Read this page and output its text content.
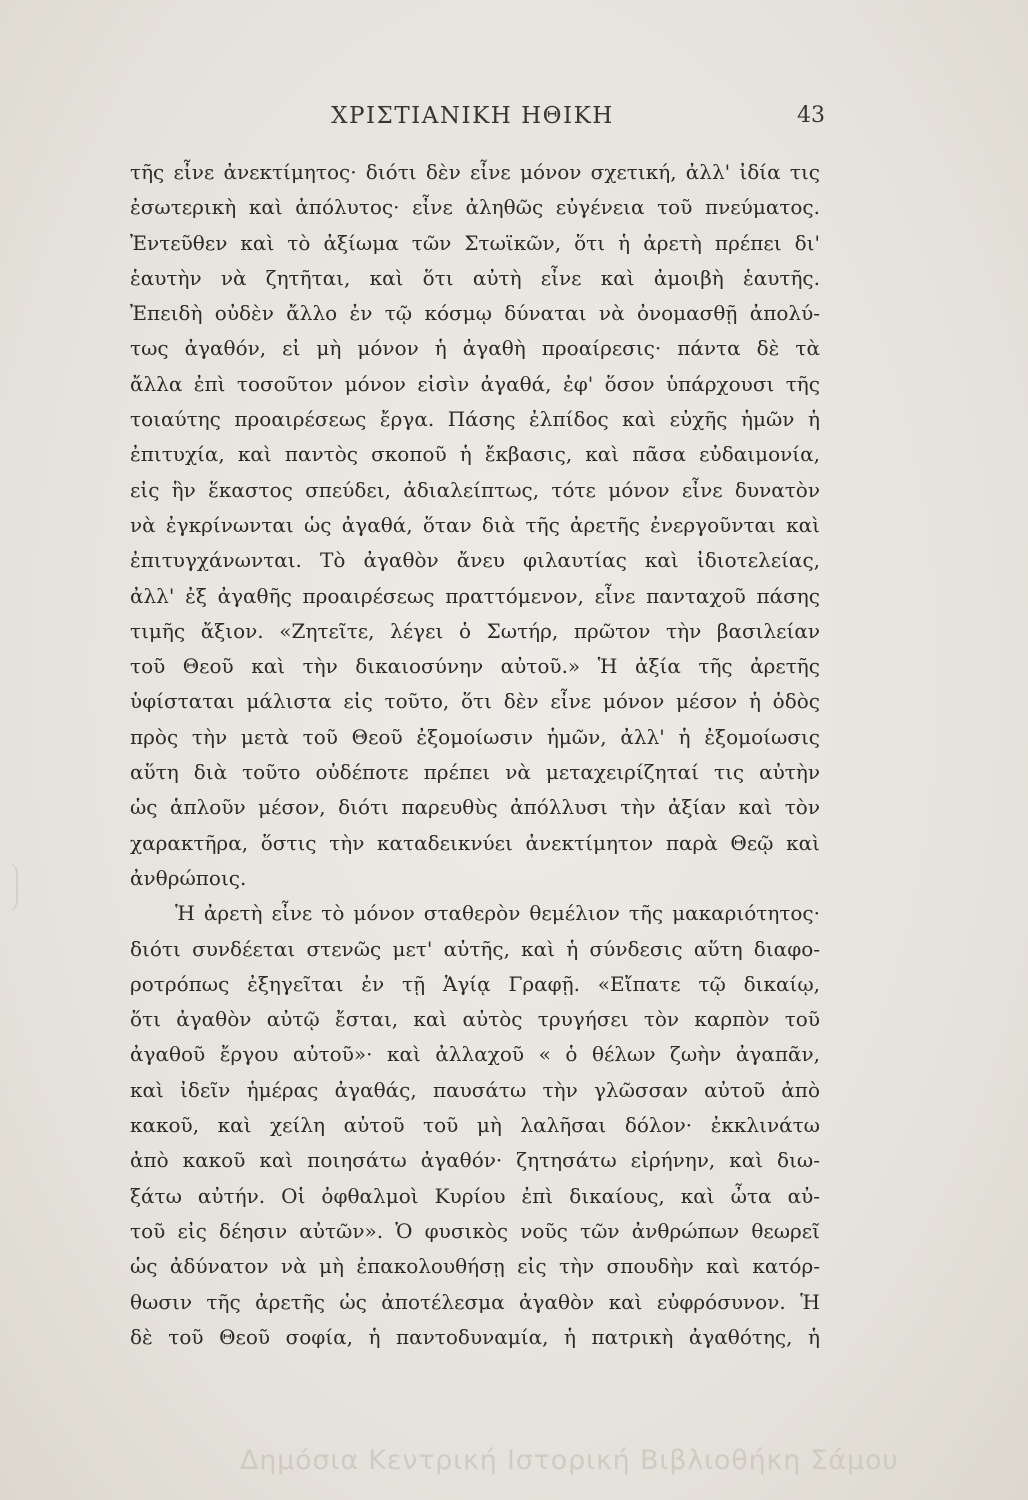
ΧΡΙΣΤΙΑΝΙΚΗ ΗΘΙΚΗ	43
τῆς εἶνε ἀνεκτίμητος· διότι δὲν εἶνε μόνον σχετική, ἀλλ' ἰδία τις
ἐσωτερικὴ καὶ ἀπόλυτος· εἶνε ἀληθῶς εὐγένεια τοῦ πνεύματος.
Ἐντεῦθεν καὶ τὸ ἀξίωμα τῶν Στωϊκῶν, ὅτι ἡ ἀρετὴ πρέπει δι'
ἑαυτὴν νὰ ζητῆται, καὶ ὅτι αὐτὴ εἶνε καὶ ἀμοιβὴ ἑαυτῆς.
Ἐπειδὴ οὐδὲν ἄλλο ἐν τῷ κόσμῳ δύναται νὰ ὀνομασθῇ ἀπολύ-
τως ἀγαθόν, εἰ μὴ μόνον ἡ ἀγαθὴ προαίρεσις· πάντα δὲ τὰ
ἄλλα ἐπὶ τοσοῦτον μόνον εἰσὶν ἀγαθά, ἐφ' ὅσον ὑπάρχουσι τῆς
τοιαύτης προαιρέσεως ἔργα. Πάσης ἐλπίδος καὶ εὐχῆς ἡμῶν ἡ
ἐπιτυχία, καὶ παντὸς σκοποῦ ἡ ἔκβασις, καὶ πᾶσα εὐδαιμονία,
εἰς ἣν ἕκαστος σπεύδει, ἀδιαλείπτως, τότε μόνον εἶνε δυνατὸν
νὰ ἐγκρίνωνται ὡς ἀγαθά, ὅταν διὰ τῆς ἀρετῆς ἐνεργοῦνται καὶ
ἐπιτυγχάνωνται. Τὸ ἀγαθὸν ἄνευ φιλαυτίας καὶ ἰδιοτελείας,
ἀλλ' ἐξ ἀγαθῆς προαιρέσεως πραττόμενον, εἶνε πανταχοῦ πάσης
τιμῆς ἄξιον. «Ζητεῖτε, λέγει ὁ Σωτήρ, πρῶτον τὴν βασιλείαν
τοῦ Θεοῦ καὶ τὴν δικαιοσύνην αὐτοῦ.» Ἡ ἀξία τῆς ἀρετῆς
ὑφίσταται μάλιστα εἰς τοῦτο, ὅτι δὲν εἶνε μόνον μέσον ἡ ὁδὸς
πρὸς τὴν μετὰ τοῦ Θεοῦ ἐξομοίωσιν ἡμῶν, ἀλλ' ἡ ἐξομοίωσις
αὕτη διὰ τοῦτο οὐδέποτε πρέπει νὰ μεταχειρίζηταί τις αὐτὴν
ὡς ἁπλοῦν μέσον, διότι παρευθὺς ἀπόλλυσι τὴν ἀξίαν καὶ τὸν
χαρακτῆρα, ὅστις τὴν καταδεικνύει ἀνεκτίμητον παρὰ Θεῷ καὶ
ἀνθρώποις.
Ἡ ἀρετὴ εἶνε τὸ μόνον σταθερὸν θεμέλιον τῆς μακαριότητος·
διότι συνδέεται στενῶς μετ' αὐτῆς, καὶ ἡ σύνδεσις αὕτη διαφο-
ροτρόπως ἐξηγεῖται ἐν τῇ Ἁγίᾳ Γραφῇ. «Εἴπατε τῷ δικαίῳ,
ὅτι ἀγαθὸν αὐτῷ ἔσται, καὶ αὐτὸς τρυγήσει τὸν καρπὸν τοῦ
ἀγαθοῦ ἔργου αὐτοῦ»· καὶ ἀλλαχοῦ « ὁ θέλων ζωὴν ἀγαπᾶν,
καὶ ἰδεῖν ἡμέρας ἀγαθάς, παυσάτω τὴν γλῶσσαν αὐτοῦ ἀπὸ
κακοῦ, καὶ χείλη αὐτοῦ τοῦ μὴ λαλῆσαι δόλον· ἐκκλινάτω
ἀπὸ κακοῦ καὶ ποιησάτω ἀγαθόν· ζητησάτω εἰρήνην, καὶ διω-
ξάτω αὐτήν. Οἱ ὀφθαλμοὶ Κυρίου ἐπὶ δικαίους, καὶ ὦτα αὐ-
τοῦ εἰς δέησιν αὐτῶν». Ὁ φυσικὸς νοῦς τῶν ἀνθρώπων θεωρεῖ
ὡς ἀδύνατον νὰ μὴ ἐπακολουθήσῃ εἰς τὴν σπουδὴν καὶ κατόρ-
θωσιν τῆς ἀρετῆς ὡς ἀποτέλεσμα ἀγαθὸν καὶ εὐφρόσυνον. Ἡ
δὲ τοῦ Θεοῦ σοφία, ἡ παντοδυναμία, ἡ πατρικὴ ἀγαθότης, ἡ
Δημόσια Κεντρική Ιστορική Βιβλιοθήκη Σάμου
